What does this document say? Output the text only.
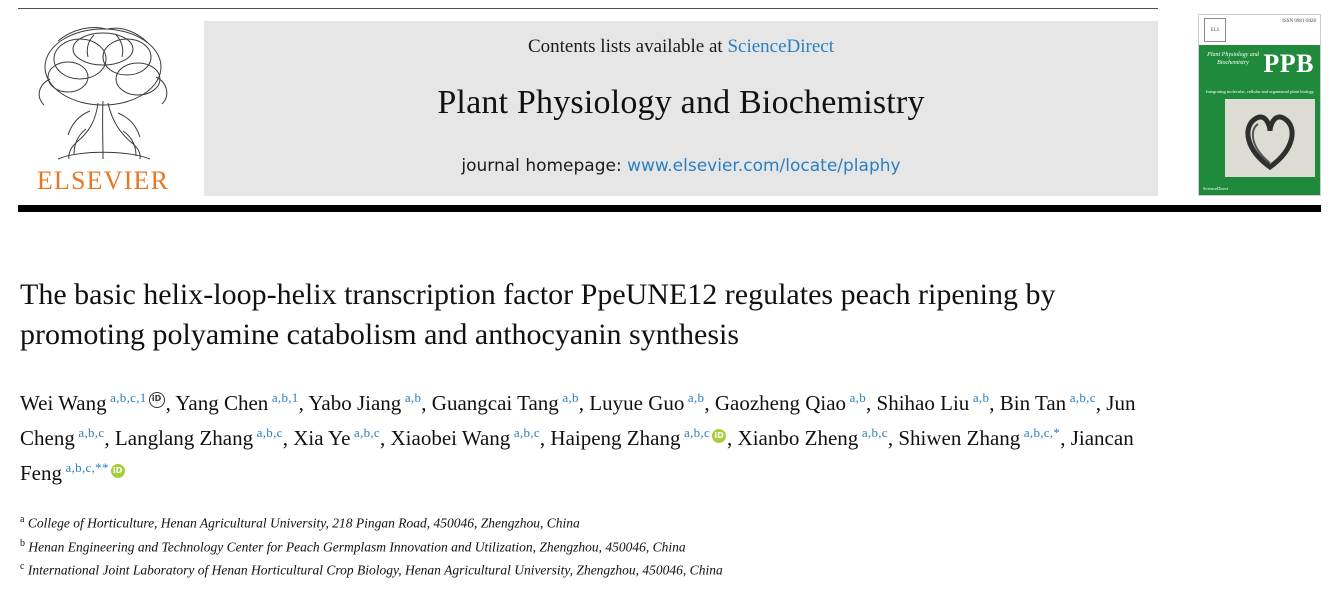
ELSEVIER
Contents lists available at ScienceDirect
Plant Physiology and Biochemistry
journal homepage: www.elsevier.com/locate/plaphy
ELS
ISSN 0981-9428
Plant Physiology and Biochemistry PPB
Integrating molecular, cellular and organismal plant biology
ScienceDirect
The basic helix-loop-helix transcription factor PpeUNE12 regulates peach ripening by promoting polyamine catabolism and anthocyanin synthesis
Wei Wang $^{a,b,c,1}$ iD , Yang Chen $^{a,b,1}$, Yabo Jiang $^{a,b}$, Guangcai Tang $^{a,b}$, Luyue Guo $^{a,b}$, Gaozheng Qiao $^{a,b}$, Shihao Liu $^{a,b}$, Bin Tan $^{a,b,c}$, Jun Cheng $^{a,b,c}$, Langlang Zhang $^{a,b,c}$, Xia Ye $^{a,b,c}$, Xiaobei Wang $^{a,b,c}$, Haipeng Zhang $^{a,b,c}$ iD , Xianbo Zheng $^{a,b,c}$, Shiwen Zhang $^{a,b,c,*}$, Jiancan Feng $^{a,b,c,**}$iD
$^a$ College of Horticulture, Henan Agricultural University, 218 Pingan Road, 450046, Zhengzhou, China
$^b$ Henan Engineering and Technology Center for Peach Germplasm Innovation and Utilization, Zhengzhou, 450046, China
$^c$ International Joint Laboratory of Henan Horticultural Crop Biology, Henan Agricultural University, Zhengzhou, 450046, China
